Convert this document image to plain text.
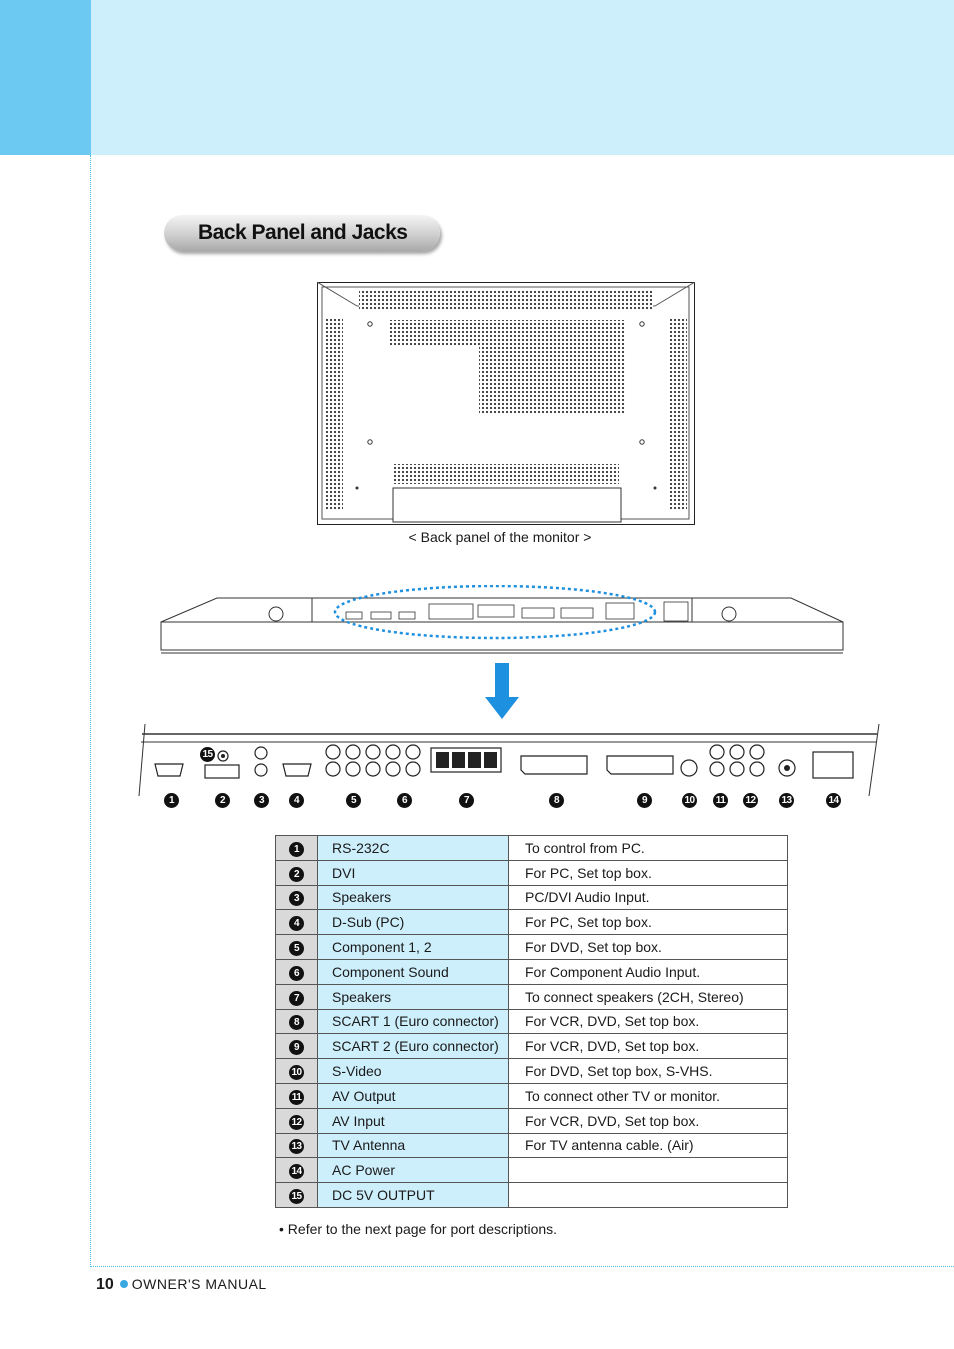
Back Panel and Jacks
< Back panel of the monitor >
1	2	3	4	5	6	7	8	9	10 11 12	13	14
15
1	RS-232C	To control from PC.
2	DVI	For PC, Set top box.
3	Speakers	PC/DVI Audio Input.
4	D-Sub (PC)	For PC, Set top box.
5	Component 1, 2	For DVD, Set top box.
6	Component Sound	For Component Audio Input.
7	Speakers	To connect speakers (2CH, Stereo)
8	SCART 1 (Euro connector)	For VCR, DVD, Set top box.
9	SCART 2 (Euro connector)	For VCR, DVD, Set top box.
10	S-Video	For DVD, Set top box, S-VHS.
11	AV Output	To connect other TV or monitor.
12	AV Input	For VCR, DVD, Set top box.
13	TV Antenna	For TV antenna cable. (Air)
14	AC Power	
15	DC 5V OUTPUT	
• Refer to the next page for port descriptions.
10 OWNER'S MANUAL
